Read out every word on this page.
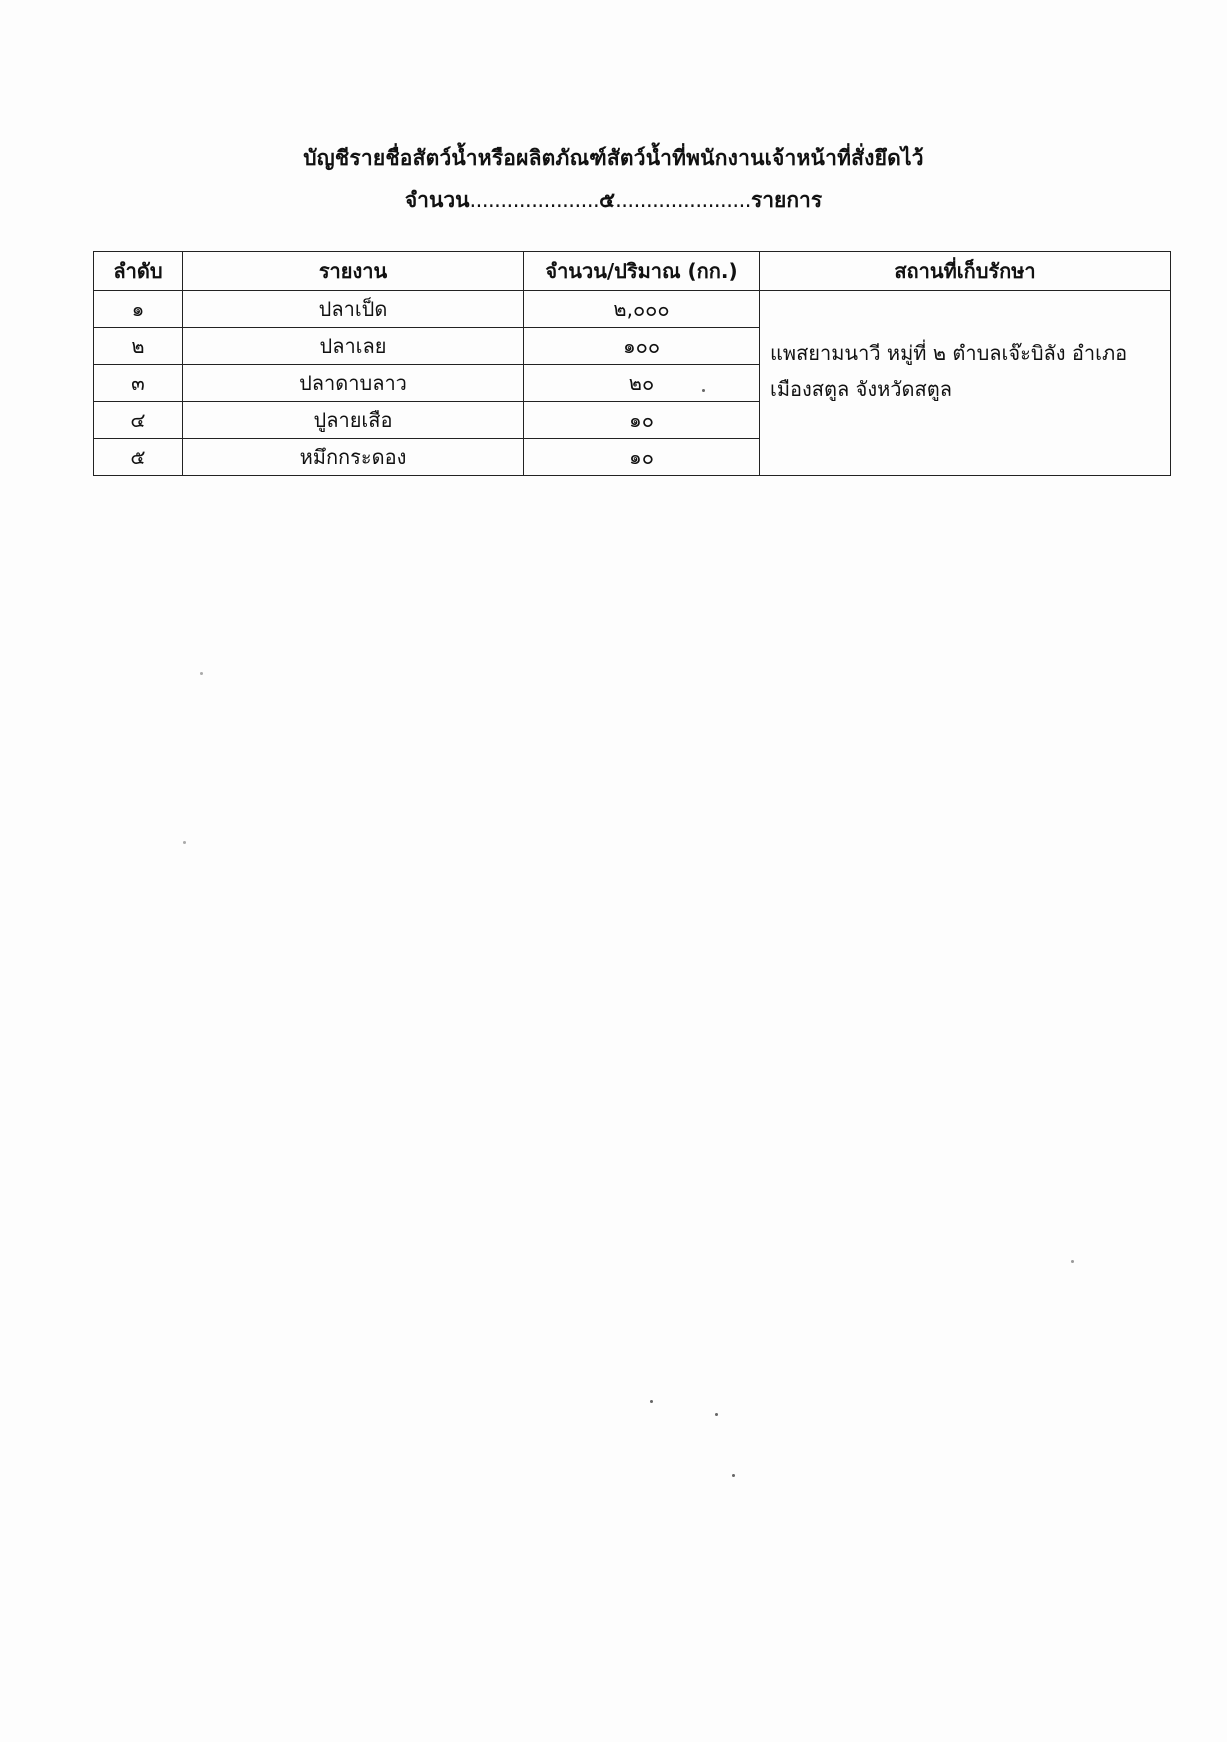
บัญชีรายชื่อสัตว์น้ำหรือผลิตภัณฑ์สัตว์น้ำที่พนักงานเจ้าหน้าที่สั่งยึดไว้
จำนวน.....................๕......................รายการ
ลำดับ	รายงาน	จำนวน/ปริมาณ (กก.)	สถานที่เก็บรักษา
๑	ปลาเป็ด	๒,๐๐๐	แพสยามนาวี หมู่ที่ ๒ ตำบลเจ๊ะบิลัง อำเภอ
เมืองสตูล จังหวัดสตูล

๒	ปลาเลย	๑๐๐	
๓	ปลาดาบลาว	๒๐	
๔	ปูลายเสือ	๑๐	
๕	หมึกกระดอง	๑๐	
